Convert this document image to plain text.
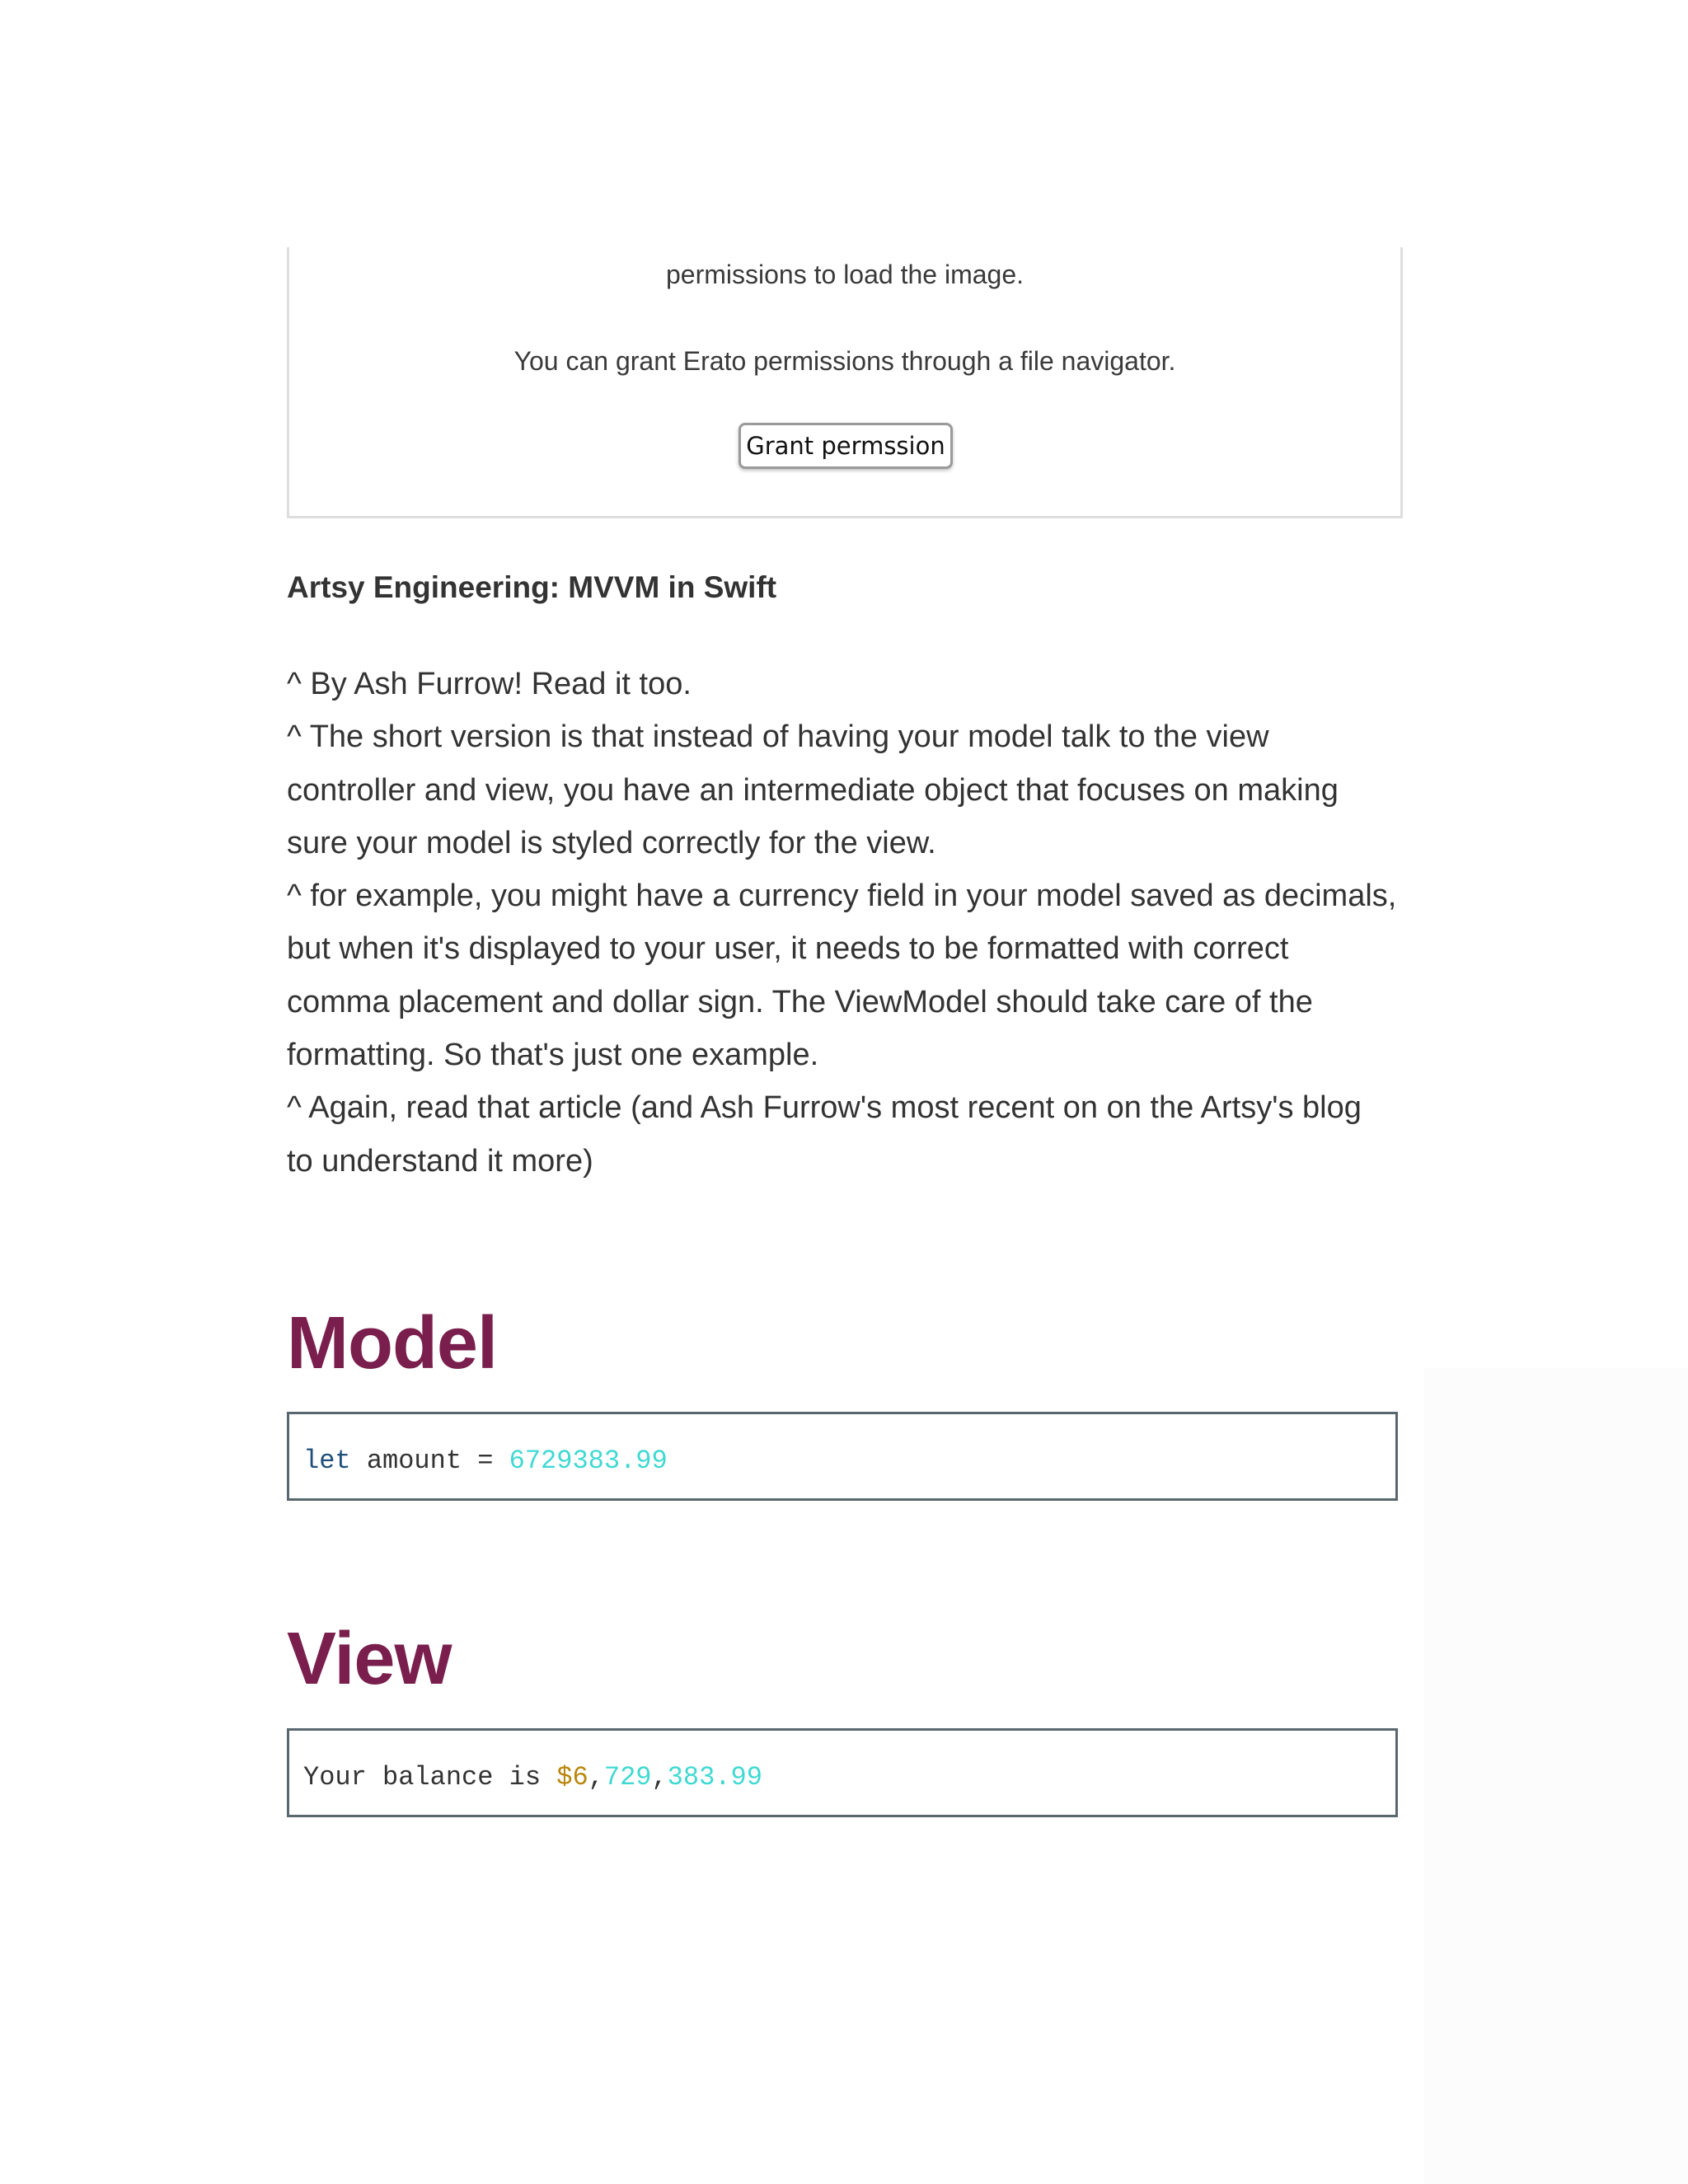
permissions to load the image.
You can grant Erato permissions through a file navigator.
Grant permssion
Artsy Engineering: MVVM in Swift
^ By Ash Furrow! Read it too.
^ The short version is that instead of having your model talk to the view
controller and view, you have an intermediate object that focuses on making
sure your model is styled correctly for the view.
^ for example, you might have a currency field in your model saved as decimals,
but when it's displayed to your user, it needs to be formatted with correct
comma placement and dollar sign. The ViewModel should take care of the
formatting. So that's just one example.
^ Again, read that article (and Ash Furrow's most recent on on the Artsy's blog
to understand it more)
Model
let amount = 6729383.99
View
Your balance is $6,729,383.99
